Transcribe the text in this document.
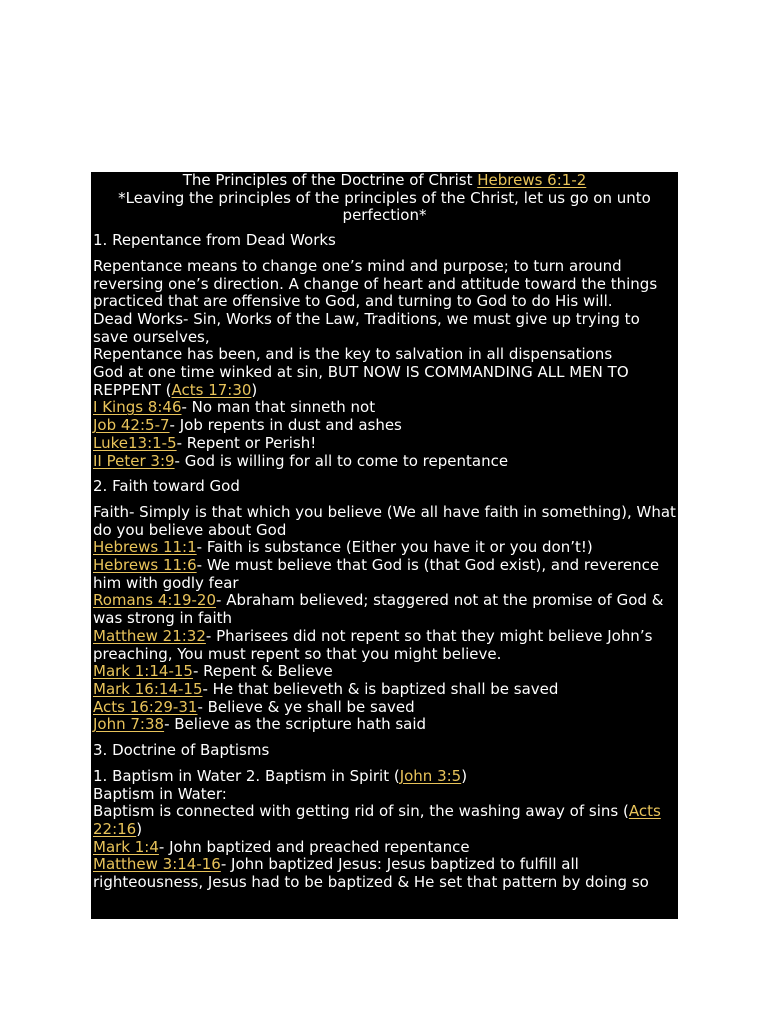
The Principles of the Doctrine of Christ Hebrews 6:1-2
*Leaving the principles of the principles of the Christ, let us go on unto perfection*
1. Repentance from Dead Works
Repentance means to change one’s mind and purpose; to turn around reversing one’s direction. A change of heart and attitude toward the things practiced that are offensive to God, and turning to God to do His will.
Dead Works- Sin, Works of the Law, Traditions, we must give up trying to save ourselves,
Repentance has been, and is the key to salvation in all dispensations
God at one time winked at sin, BUT NOW IS COMMANDING ALL MEN TO REPPENT (Acts 17:30)
I Kings 8:46- No man that sinneth not
Job 42:5-7- Job repents in dust and ashes
Luke13:1-5- Repent or Perish!
II Peter 3:9- God is willing for all to come to repentance
2. Faith toward God
Faith- Simply is that which you believe (We all have faith in something), What do you believe about God
Hebrews 11:1- Faith is substance (Either you have it or you don’t!)
Hebrews 11:6- We must believe that God is (that God exist), and reverence him with godly fear
Romans 4:19-20- Abraham believed; staggered not at the promise of God & was strong in faith
Matthew 21:32- Pharisees did not repent so that they might believe John’s preaching, You must repent so that you might believe.
Mark 1:14-15- Repent & Believe
Mark 16:14-15- He that believeth & is baptized shall be saved
Acts 16:29-31- Believe & ye shall be saved
John 7:38- Believe as the scripture hath said
3. Doctrine of Baptisms
1. Baptism in Water 2. Baptism in Spirit (John 3:5)
Baptism in Water:
Baptism is connected with getting rid of sin, the washing away of sins (Acts 22:16)
Mark 1:4- John baptized and preached repentance
Matthew 3:14-16- John baptized Jesus: Jesus baptized to fulfill all righteousness, Jesus had to be baptized & He set that pattern by doing so
